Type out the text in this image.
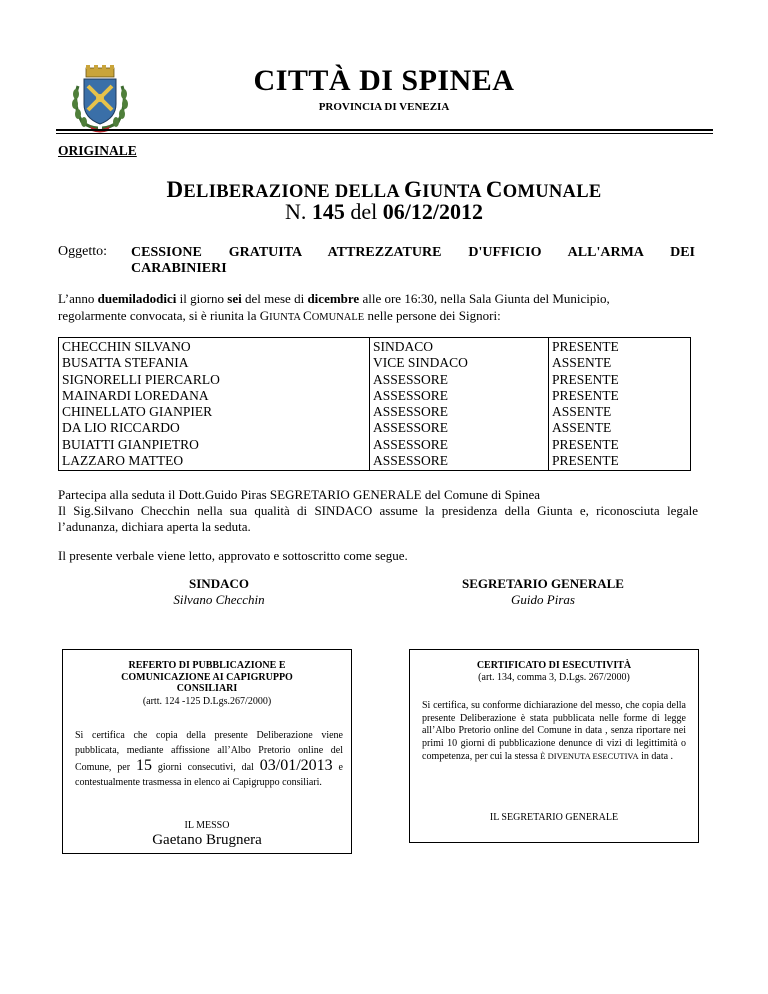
CITTÀ DI SPINEA
PROVINCIA DI VENEZIA
ORIGINALE
DELIBERAZIONE DELLA GIUNTA COMUNALE
N. 145 del 06/12/2012
Oggetto: CESSIONE GRATUITA ATTREZZATURE D'UFFICIO ALL'ARMA DEI
CARABINIERI
L’anno duemiladodici il giorno sei del mese di dicembre alle ore 16:30, nella Sala Giunta del Municipio,
regolarmente convocata, si è riunita la GIUNTA COMUNALE nelle persone dei Signori:
CHECCHIN SILVANO
BUSATTA STEFANIA
SIGNORELLI PIERCARLO
MAINARDI LOREDANA
CHINELLATO GIANPIER
DA LIO RICCARDO
BUIATTI GIANPIETRO
LAZZARO MATTEO
SINDACO
VICE SINDACO
ASSESSORE
ASSESSORE
ASSESSORE
ASSESSORE
ASSESSORE
ASSESSORE
PRESENTE
ASSENTE
PRESENTE
PRESENTE
ASSENTE
ASSENTE
PRESENTE
PRESENTE
Partecipa alla seduta il Dott.Guido Piras SEGRETARIO GENERALE del Comune di Spinea
Il Sig.Silvano Checchin nella sua qualità di SINDACO assume la presidenza della Giunta e, riconosciuta legale l’adunanza, dichiara aperta la seduta.
Il presente verbale viene letto, approvato e sottoscritto come segue.
SINDACO
Silvano Checchin
SEGRETARIO GENERALE
Guido Piras
REFERTO DI PUBBLICAZIONE E
COMUNICAZIONE AI CAPIGRUPPO
CONSILIARI
(artt. 124 -125 D.Lgs.267/2000)
Si certifica che copia della presente Deliberazione viene pubblicata, mediante affissione all’Albo Pretorio online del Comune, per 15 giorni consecutivi, dal 03/01/2013 e contestualmente trasmessa in elenco ai Capigruppo consiliari.
IL MESSO
Gaetano Brugnera
CERTIFICATO DI ESECUTIVITÀ
(art. 134, comma 3, D.Lgs. 267/2000)
Si certifica, su conforme dichiarazione del messo, che copia della presente Deliberazione è stata pubblicata nelle forme di legge all’Albo Pretorio online del Comune in data , senza riportare nei primi 10 giorni di pubblicazione denunce di vizi di legittimità o competenza, per cui la stessa È DIVENUTA ESECUTIVA in data .
IL SEGRETARIO GENERALE
